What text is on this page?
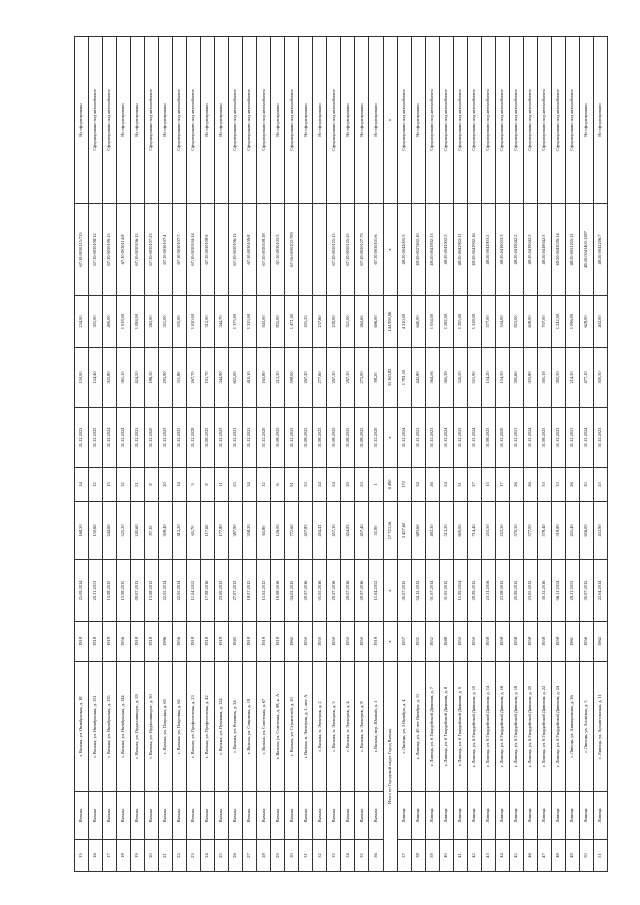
15	Вязьма	г. Вязьма, ул. Октябрьская, д. 18	1918	25.09.2014	168,50	14	31.12.2023	150,00	234,00	67:10:0030115:713	Не сформировано
16	Вязьма	г. Вязьма, ул. Октябрьская, д. 131	1918	20.11.2013	150,60	12	31.12.2025	124,40	301,00	67:10:0030108:12	Сформировано под автомобилем
17	Вязьма	г. Вязьма, ул. Октябрьская, д. 135	1918	13.08.2015	244,60	15	31.12.2024	302,80	490,00	67:10:0030109:15	Сформировано под автомобилем
18	Вязьма	г. Вязьма, ул. Октябрьская, д. 144	1956	13.08.2015	525,20	32	31.12.2024	361,10	1 018,00	67:10:0030114:8	Не сформировано
19	Вязьма	г. Вязьма, ул. Орджоникидзе, д. 29	1918	09.07.2013	245,60	21	31.12.2021	424,50	1 084,00	67:10:0030106:15	Не сформировано
20	Вязьма	г. Вязьма, ул. Орджоникидзе, д. 30	1918	13.08.2012	87,10	8	31.12.2020	186,50	263,00	67:10:0030107:23	Сформировано под автомобилем
21	Вязьма	г. Вязьма, ул. Покровка, д. 63	1986	22.05.2014	308,40	20	31.12.2023	295,90	351,00	67:10:0030107:4	Не сформировано
22	Вязьма	г. Вязьма, ул. Покровка, д. 65	1956	22.05.2014	412,20	14	31.12.2022	311,80	335,00	67:10:0030107:7	Сформировано под автомобилем
23	Вязьма	г. Вязьма, ул. Профсоюзная, д. 23	1918	11.04.2012	65,70	3	31.12.2029	267,70	1 020,00	67:10:0030104:14	Сформировано под автомобилем
24	Вязьма	г. Вязьма, ул. Профсоюзная, д. 42	1918	17.08.2016	117,60	8	31.08.2025	191,70	312,00	67:10:0030108:9	Не сформировано
25	Вязьма	г. Вязьма, ул. Пушкина, д. 124	1918	23.09.2013	177,80	11	31.12.2023	344,90	344,70		Не сформировано
26	Вязьма	г. Вязьма, ул. Репнина, д. 34	1945	27.07.2012	387,90	55	31.12.2021	601,00	1 375,00	67:10:0030106:12	Сформировано под автомобилем
27	Вязьма	г. Вязьма, ул. Смирнова, д. 19	1918	18.07.2012	358,20	24	31.12.2021	410,10	1 333,00	67:10:0030109:8	Сформировано под автомобилем
28	Вязьма	г. Вязьма, ул. Советская, д. 67	1918	15.02.2012	63,80	12	31.12.2020	165,80	943,00	67:10:0030108:18	Сформировано под автомобилем
29	Вязьма	г. Вязьма, ул. Советская, д. 98, к. А	1918	19.08.2016	126,00	6	31.08.2025	212,30	832,00	67:10:0030105:3	Не сформировано
30	Вязьма	г. Вязьма, ул. Строителей, д. 20	1962	04.02.2015	772,60	91	31.12.2023	598,00	1 471,00	67:10:0030103:709	Сформировано под автомобилем
31	Вязьма	г. Вязьма, п. Электрик, д. 1, лит. А	1950	29.07.2016	457,85	33	31.08.2025	267,30	201,35		Не сформировано
32	Вязьма	г. Вязьма, п. Электрик, д. 2	1950	05.05.2016	454,41	24	31.08.2025	277,60	237,60		Не сформировано
33	Вязьма	г. Вязьма, п. Электрик, д. 3	1950	29.07.2016	457,30	24	31.08.2025	267,30	239,00	67:10:0030125:15	Сформировано под автомобилем
34	Вязьма	г. Вязьма, п. Электрик, д. 4	1950	29.07.2016	454,82	29	31.08.2025	267,30	321,00	67:10:0030125:25	Не сформировано
35	Вязьма	г. Вязьма, п. Электрик, д. 8	1950	29.07.2016	457,40	23	31.08.2025	273,00	262,65	67:10:0030127:73	Не сформировано
36	Вязьма	г. Вязьма, пер. Южный, д. 1	1918	11.04.2012	35,90	1	31.12.2020	88,20	696,00	67:10:0030101:6	Не сформировано
Итого по Городской округ Город Вязьма			х	х	17 723,16	4 490	х	33 263,82	144 993,96	х	х
37	Липецк	г. Липецк, ул. 3 Октября, д. 4	1957	30.07.2015	3 457,60	170	31.12.2024	1 781,50	4 310,00	48:20:0042005:3	Сформировано под автомобилем
38	Липецк	г. Липецк, ул. 40 лет Октября, д. 11	1935	04.12.2013	683,60	34	31.12.2021	442,80	640,00	48:20:0027402:10	Не сформировано
39	Липецк	г. Липецк, ул. 6 Гвардейской Дивизии, д. 7	1952	01.07.2014	492,30	26	31.12.2021	364,56	1 034,00	48:20:0041902:13	Сформировано под автомобилем
40	Липецк	г. Липецк, ул. 6 Гвардейской Дивизии, д. 8	1948	31.05.2015	513,20	24	31.12.2024	365,39	1 282,00	48:20:0041902:3	Сформировано под автомобилем
41	Липецк	г. Липецк, ул. 6 Гвардейской Дивизии, д. 9	1950	11.09.2014	600,00	31	31.12.2023	320,50	1 295,00	48:20:0041902:11	Сформировано под автомобилем
42	Липецк	г. Липецк, ул. 6 Гвардейской Дивизии, д. 10	1950	29.09.2015	714,40	37	31.12.2024	551,90	1 318,00	48:20:0041902:16	Сформировано под автомобилем
43	Липецк	г. Липецк, ул. 6 Гвардейской Дивизии, д. 14	1958	23.11.2016	255,50	15	31.08.2025	154,20	577,00	48:20:0041903:2	Сформировано под автомобилем
44	Липецк	г. Липецк, ул. 6 Гвардейской Дивизии, д. 16	1958	23.08.2012	253,50	17	31.12.2020	154,50	534,00	48:20:0419033:3	Сформировано под автомобилем
45	Липецк	г. Липецк, ул. 6 Гвардейской Дивизии, д. 18	1958	20.09.2012	570,50	26	31.12.2021	395,60	823,00	48:20:0419042:2	Сформировано под автомобилем
46	Липецк	г. Липецк, ул. 6 Гвардейской Дивизии, д. 20	1958	23.05.2013	577,00	26	31.12.2024	303,80	638,00	48:20:0419042:3	Сформировано под автомобилем
47	Липецк	г. Липецк, ул. 6 Гвардейской Дивизии, д. 22	1958	30.12.2016	578,40	33	31.08.2025	395,19	707,00	48:20:0419042:3	Сформировано под автомобилем
48	Липецк	г. Липецк, ул. 6 Гвардейской Дивизии, д. 24	1958	06.11.2014	518,80	33	31.12.2023	392,50	1 242,00	48:20:0042039:14	Сформировано под автомобилем
49	Липецк	г. Липецк, ул. Авиационная, д. 36	1961	29.11.2012	201,40	26	31.12.2021	214,30	1 096,00	48:20:0021205:11	Сформировано под автомобилем
50	Липецк	г. Липецк, ул. Азовская, д. 5	1956	30.07.2015	656,00	30	31.12.2024	477,10	628,00	48:20:0041402:1287	Не сформировано
51	Липецк	г. Липецк, ул. Архангельская, д. 11	1962	22.04.2014	432,90	25	31.12.2021	300,30	402,00	48:20:0041206:7	Не сформировано
